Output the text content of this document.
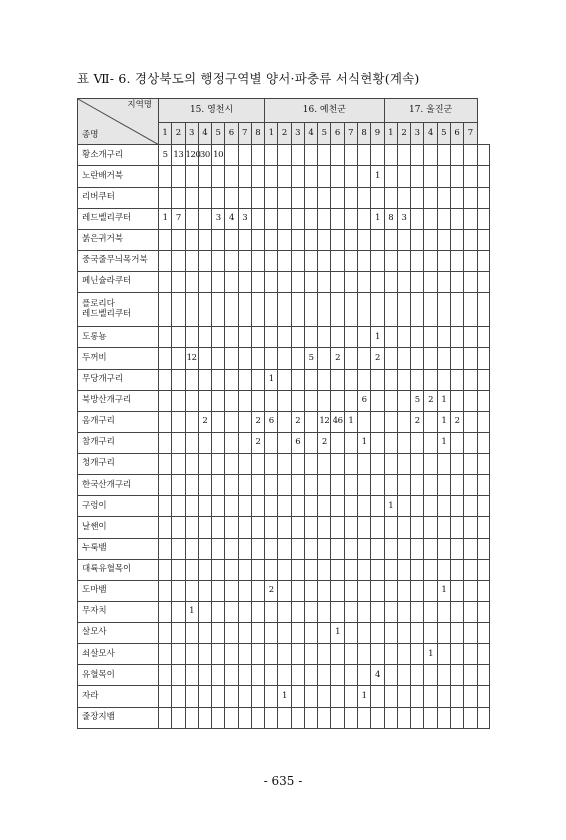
표 Ⅶ- 6. 경상북도의 행정구역별 양서·파충류 서식현황(계속)
지역명
종명	15. 영천시								16. 예천군									17. 울진군							
	1	2	3	4	5	6	7	8	1	2	3	4	5	6	7	8	9	1	2	3	4	5	6	7	

황소개구리	5	13	120	30	10																				

노란배거북																	1								

리버쿠터																									

레드벨리쿠터	1	7			3	4	3										1	8	3						

붉은귀거북																									

중국줄무늬목거북																									

페닌슐라쿠터																									

플로리다
레드벨리쿠터																									

도롱뇽																	1								

두꺼비			12									5		2			2								

무당개구리									1																

북방산개구리																6				5	2	1			

옴개구리				2				2	6		2		12	46	1					2		1	2		

참개구리								2			6		2			1						1			

청개구리																									

한국산개구리																									

구렁이																		1							

날쌘이																									

누룩뱀																									

대륙유혈목이																									

도마뱀									2													1			

무자치			1																						

살모사														1											

쇠살모사																					1				

유혈목이																	4								

자라										1						1									

줄장지뱀																									

- 635 -
